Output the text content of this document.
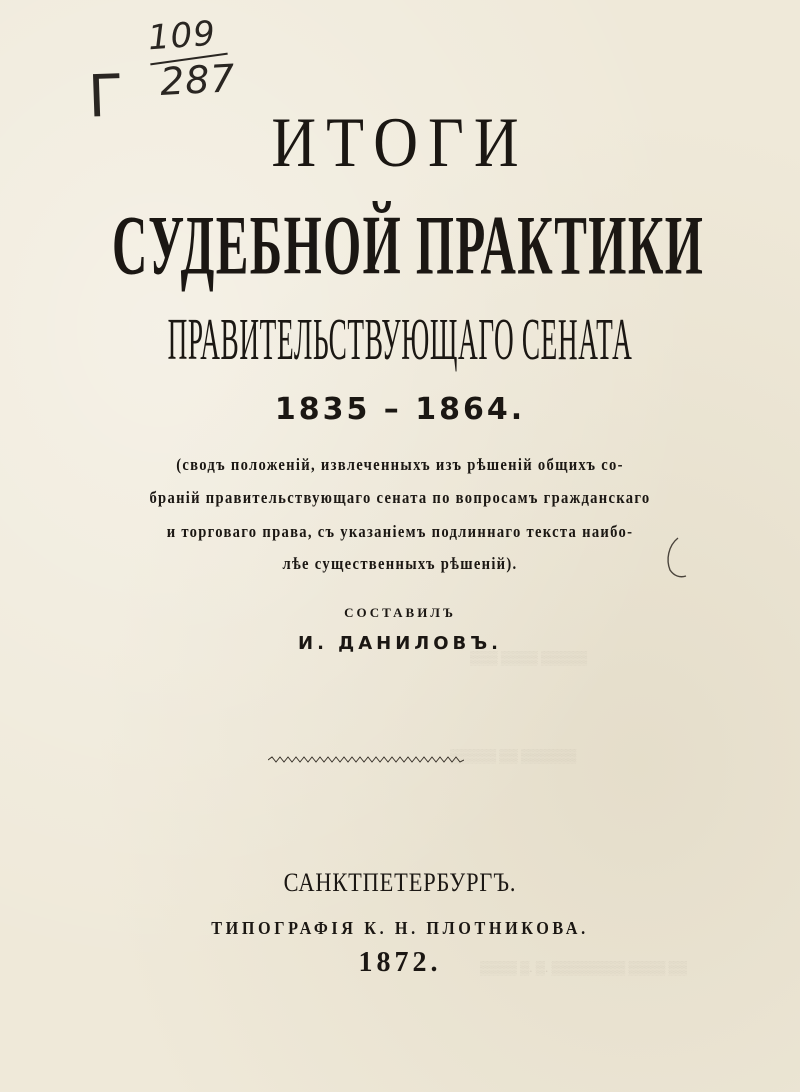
▒▒▒ ▒▒▒▒ ▒▒▒▒▒
▒▒▒▒▒ ▒▒ ▒▒▒▒▒▒
▒▒▒▒ ▒. ▒. ▒▒▒▒▒▒▒▒ ▒▒▒▒ ▒▒
109
287
Г
ИТОГИ
СУДЕБНОЙ ПРАКТИКИ
ПРАВИТЕЛЬСТВУЮЩАГО СЕНАТА
1835 – 1864.
(сводъ положеній, извлеченныхъ изъ рѣшеній общихъ со-
браній правительствующаго сената по вопросамъ гражданскаго
и торговаго права, съ указаніемъ подлиннаго текста наибо-
лѣе существенныхъ рѣшеній).
СОСТАВИЛЪ
И. ДАНИЛОВЪ.
САНКТПЕТЕРБУРГЪ.
ТИПОГРАФІЯ К. Н. ПЛОТНИКОВА.
1872.
